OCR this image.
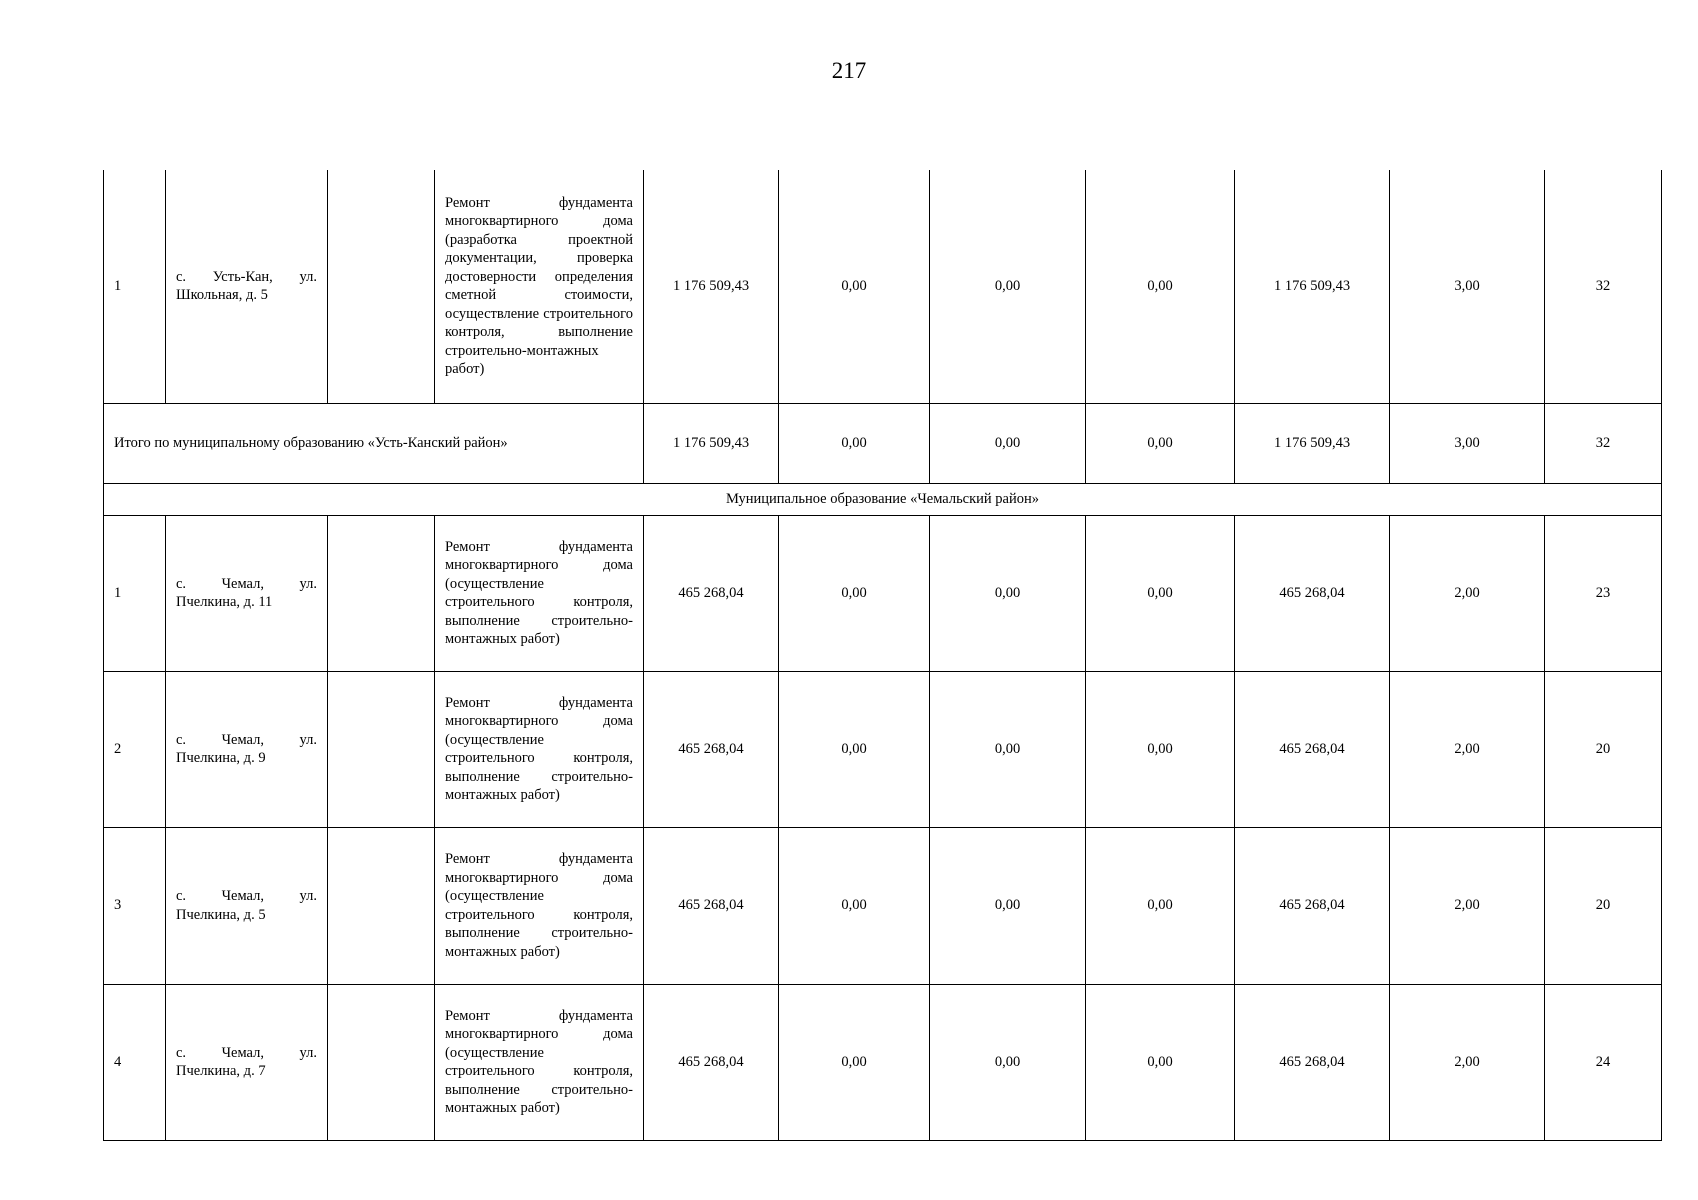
217
1	с. Усть-Кан, ул. Школьная, д. 5		Ремонт фундамента многоквартирного дома (разработка проектной документации, проверка достоверности определения сметной стоимости, осуществление строительного контроля, выполнение строительно-монтажных работ)	1 176 509,43	0,00	0,00	0,00	1 176 509,43	3,00	32
Итого по муниципальному образованию «Усть-Канский район»				1 176 509,43	0,00	0,00	0,00	1 176 509,43	3,00	32
Муниципальное образование «Чемальский район»										
1	с. Чемал, ул. Пчелкина, д. 11		Ремонт фундамента многоквартирного дома (осуществление строительного контроля, выполнение строительно-монтажных работ)	465 268,04	0,00	0,00	0,00	465 268,04	2,00	23
2	с. Чемал, ул. Пчелкина, д. 9		Ремонт фундамента многоквартирного дома (осуществление строительного контроля, выполнение строительно-монтажных работ)	465 268,04	0,00	0,00	0,00	465 268,04	2,00	20
3	с. Чемал, ул. Пчелкина, д. 5		Ремонт фундамента многоквартирного дома (осуществление строительного контроля, выполнение строительно-монтажных работ)	465 268,04	0,00	0,00	0,00	465 268,04	2,00	20
4	с. Чемал, ул. Пчелкина, д. 7		Ремонт фундамента многоквартирного дома (осуществление строительного контроля, выполнение строительно-монтажных работ)	465 268,04	0,00	0,00	0,00	465 268,04	2,00	24
